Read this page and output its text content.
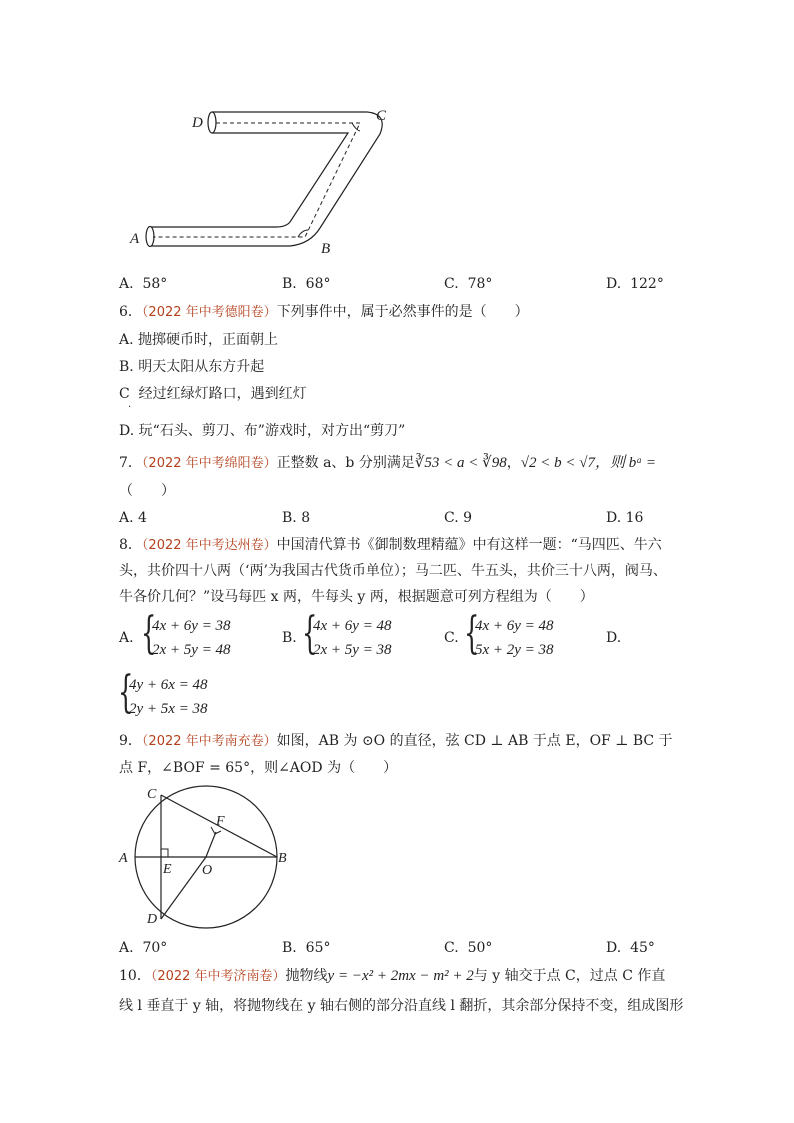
D	C
A
B
A. 58°	B. 68°	C. 78°	D. 122°
6．（2022 年中考德阳卷）下列事件中，属于必然事件的是（　　）
A. 抛掷硬币时，正面朝上
B. 明天太阳从东方升起
C 经过红绿灯路口，遇到红灯
.
D. 玩“石头、剪刀、布”游戏时，对方出“剪刀”
7．（2022 年中考绵阳卷）正整数 a、b 分别满足∛53 < a < ∛98，√2 < b < √7，则 bᵃ =
（　　）
A. 4	B. 8	C. 9	D. 16
8．（2022 年中考达州卷）中国清代算书《御制数理精蕴》中有这样一题：“马四匹、牛六
头，共价四十八两（‘两’为我国古代货币单位）；马二匹、牛五头，共价三十八两，阀马、
牛各价几何？”设马每匹 x 两，牛每头 y 两，根据题意可列方程组为（　　）
A. {
4x + 6y = 38
2x + 5y = 48
B. {
4x + 6y = 48
2x + 5y = 38
C. {
4x + 6y = 48
5x + 2y = 38
D.
{
4y + 6x = 48
2y + 5x = 38
9．（2022 年中考南充卷）如图，AB 为 ⊙O 的直径，弦 CD ⊥ AB 于点 E，OF ⊥ BC 于
点 F，∠BOF = 65°，则∠AOD 为（　　）
C
F
A	B
E O
D
A. 70°	B. 65°	C. 50°	D. 45°
10．（2022 年中考济南卷）抛物线y = −x² + 2mx − m² + 2与 y 轴交于点 C，过点 C 作直
线 l 垂直于 y 轴，将抛物线在 y 轴右侧的部分沿直线 l 翻折，其余部分保持不变，组成图形
